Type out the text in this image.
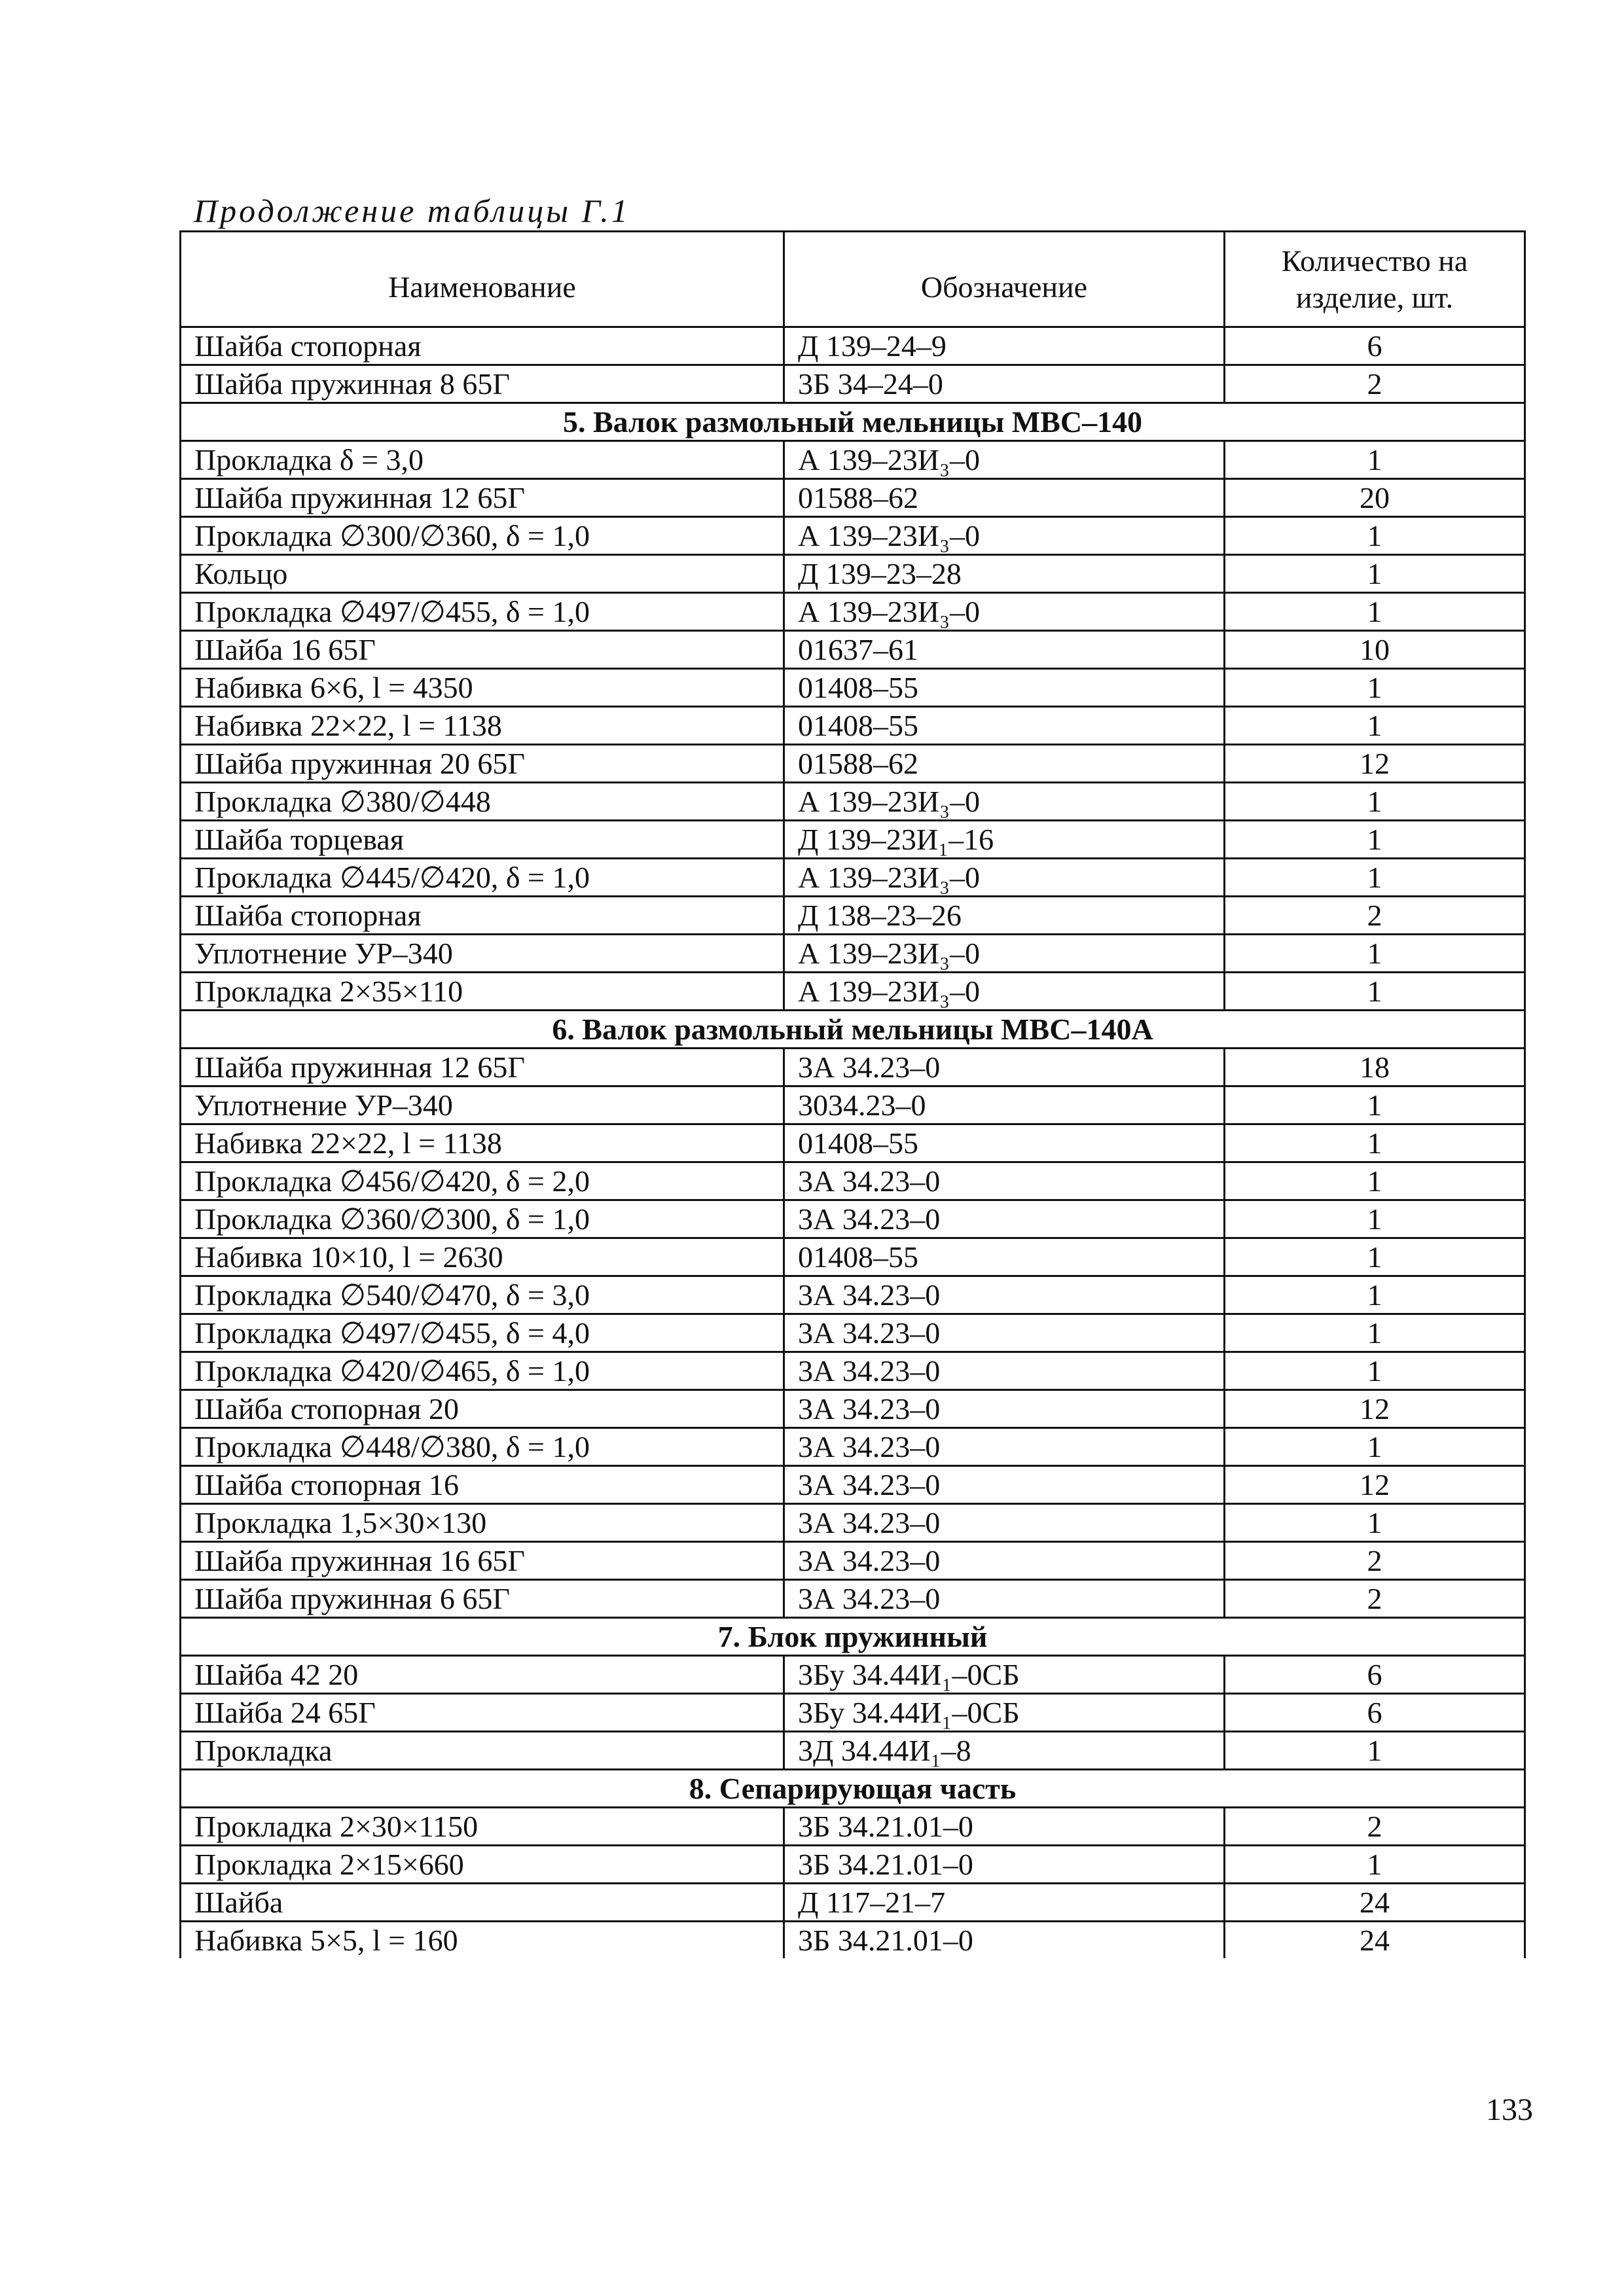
Продолжение таблицы Г.1
Наименование	Обозначение	Количество на изделие, шт.
Шайба стопорная	Д 139–24–9	6
Шайба пружинная 8 65Г	3Б 34–24–0	2
5. Валок размольный мельницы МВС–140		
Прокладка δ = 3,0	А 139–23И₃–0	1
Шайба пружинная 12 65Г	01588–62	20
Прокладка ∅300/∅360, δ = 1,0	А 139–23И₃–0	1
Кольцо	Д 139–23–28	1
Прокладка ∅497/∅455, δ = 1,0	А 139–23И₃–0	1
Шайба 16 65Г	01637–61	10
Набивка 6×6, l = 4350	01408–55	1
Набивка 22×22, l = 1138	01408–55	1
Шайба пружинная 20 65Г	01588–62	12
Прокладка ∅380/∅448	А 139–23И₃–0	1
Шайба торцевая	Д 139–23И₁–16	1
Прокладка ∅445/∅420, δ = 1,0	А 139–23И₃–0	1
Шайба стопорная	Д 138–23–26	2
Уплотнение УР–340	А 139–23И₃–0	1
Прокладка 2×35×110	А 139–23И₃–0	1
6. Валок размольный мельницы МВС–140А		
Шайба пружинная 12 65Г	3А 34.23–0	18
Уплотнение УР–340	3034.23–0	1
Набивка 22×22, l = 1138	01408–55	1
Прокладка ∅456/∅420, δ = 2,0	3А 34.23–0	1
Прокладка ∅360/∅300, δ = 1,0	3А 34.23–0	1
Набивка 10×10, l = 2630	01408–55	1
Прокладка ∅540/∅470, δ = 3,0	3А 34.23–0	1
Прокладка ∅497/∅455, δ = 4,0	3А 34.23–0	1
Прокладка ∅420/∅465, δ = 1,0	3А 34.23–0	1
Шайба стопорная 20	3А 34.23–0	12
Прокладка ∅448/∅380, δ = 1,0	3А 34.23–0	1
Шайба стопорная 16	3А 34.23–0	12
Прокладка 1,5×30×130	3А 34.23–0	1
Шайба пружинная 16 65Г	3А 34.23–0	2
Шайба пружинная 6 65Г	3А 34.23–0	2
7. Блок пружинный		
Шайба 42 20	3Бу 34.44И₁–0СБ	6
Шайба 24 65Г	3Бу 34.44И₁–0СБ	6
Прокладка	3Д 34.44И₁–8	1
8. Сепарирующая часть		
Прокладка 2×30×1150	3Б 34.21.01–0	2
Прокладка 2×15×660	3Б 34.21.01–0	1
Шайба	Д 117–21–7	24
Набивка 5×5, l = 160	3Б 34.21.01–0	24
133
